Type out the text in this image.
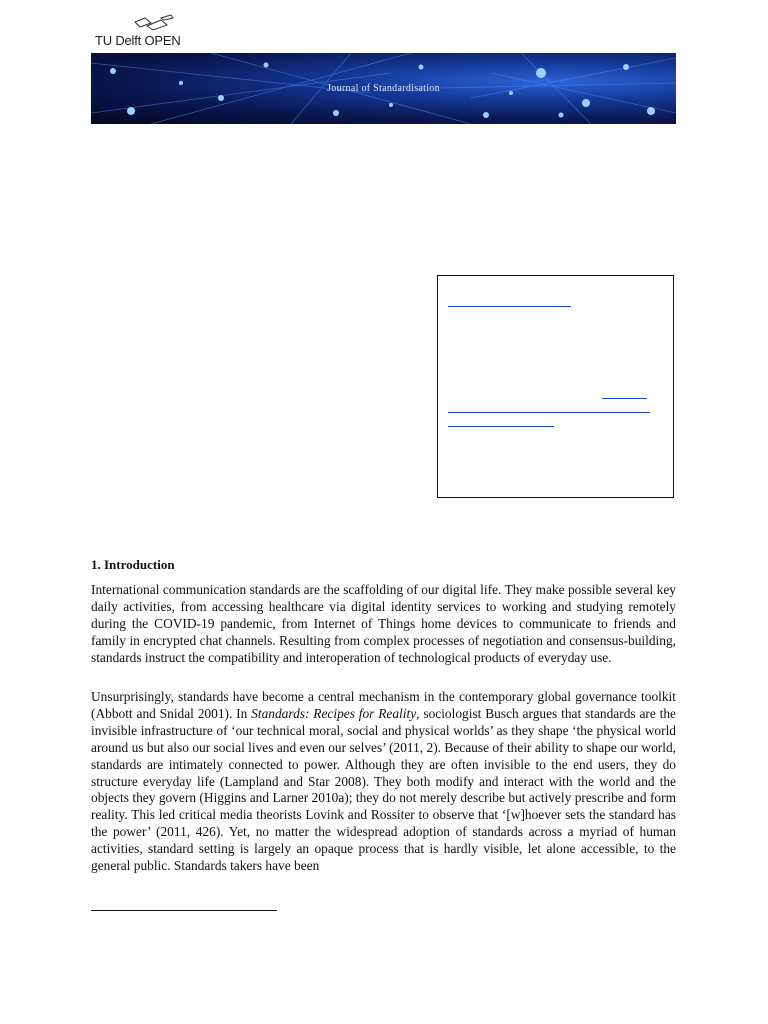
TU Delft OPEN
Journal of Standardisation
1. Introduction
International communication standards are the scaffolding of our digital life. They make possible several key daily activities, from accessing healthcare via digital identity services to working and studying remotely during the COVID-19 pandemic, from Internet of Things home devices to communicate to friends and family in encrypted chat channels. Resulting from complex processes of negotiation and consensus-building, standards instruct the compatibility and interoperation of technological products of everyday use.
Unsurprisingly, standards have become a central mechanism in the contemporary global governance toolkit (Abbott and Snidal 2001). In Standards: Recipes for Reality, sociologist Busch argues that standards are the invisible infrastructure of ‘our technical moral, social and physical worlds’ as they shape ‘the physical world around us but also our social lives and even our selves’ (2011, 2). Because of their ability to shape our world, standards are intimately connected to power. Although they are often invisible to the end users, they do structure everyday life (Lampland and Star 2008). They both modify and interact with the world and the objects they govern (Higgins and Larner 2010a); they do not merely describe but actively prescribe and form reality. This led critical media theorists Lovink and Rossiter to observe that ‘[w]hoever sets the standard has the power’ (2011, 426). Yet, no matter the widespread adoption of standards across a myriad of human activities, standard setting is largely an opaque process that is hardly visible, let alone accessible, to the general public. Standards takers have been
